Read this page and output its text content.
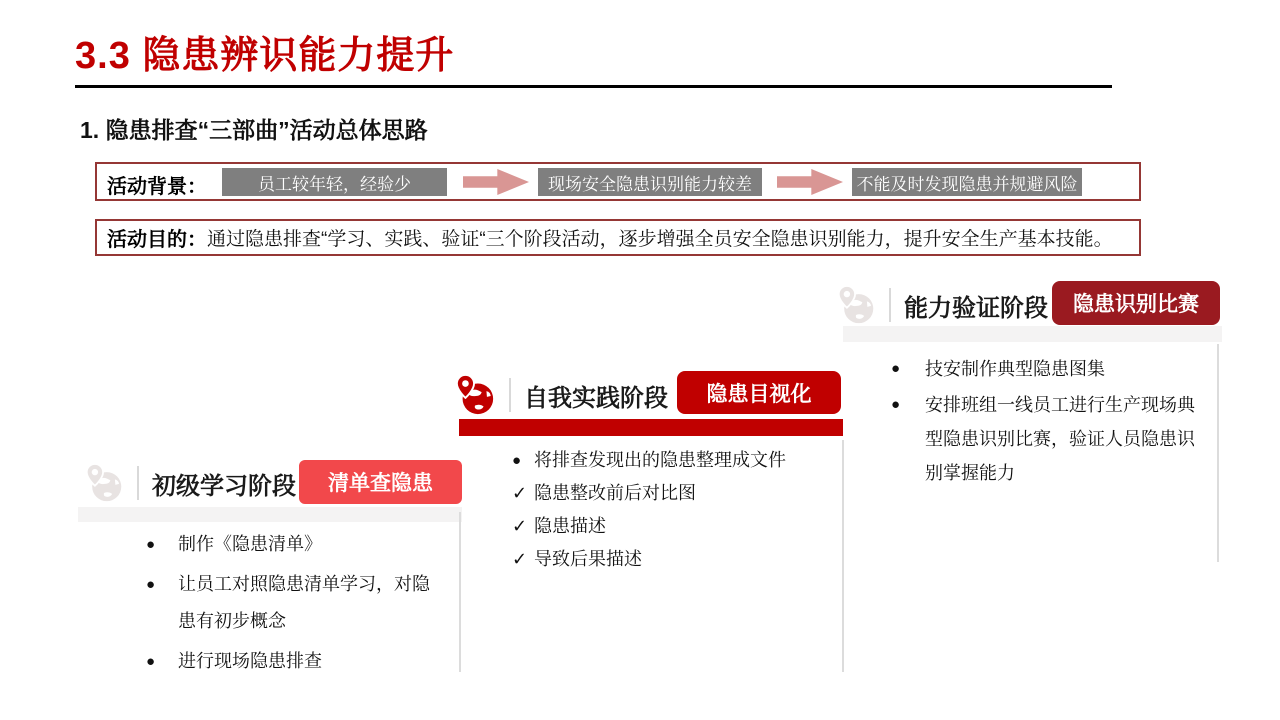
3.3 隐患辨识能力提升
1. 隐患排查“三部曲”活动总体思路
活动背景：	员工较年轻，经验少	现场安全隐患识别能力较差	不能及时发现隐患并规避风险
活动目的： 通过隐患排查“学习、实践、验证“三个阶段活动，逐步增强全员安全隐患识别能力，提升安全生产基本技能。
初级学习阶段	清单查隐患
●	制作《隐患清单》
●	让员工对照隐患清单学习，对隐患有初步概念
●	进行现场隐患排查
自我实践阶段	隐患目视化
● 将排查发现出的隐患整理成文件
✓ 隐患整改前后对比图
✓ 隐患描述
✓ 导致后果描述
能力验证阶段	隐患识别比赛
●	技安制作典型隐患图集
●	安排班组一线员工进行生产现场典型隐患识别比赛，验证人员隐患识别掌握能力
